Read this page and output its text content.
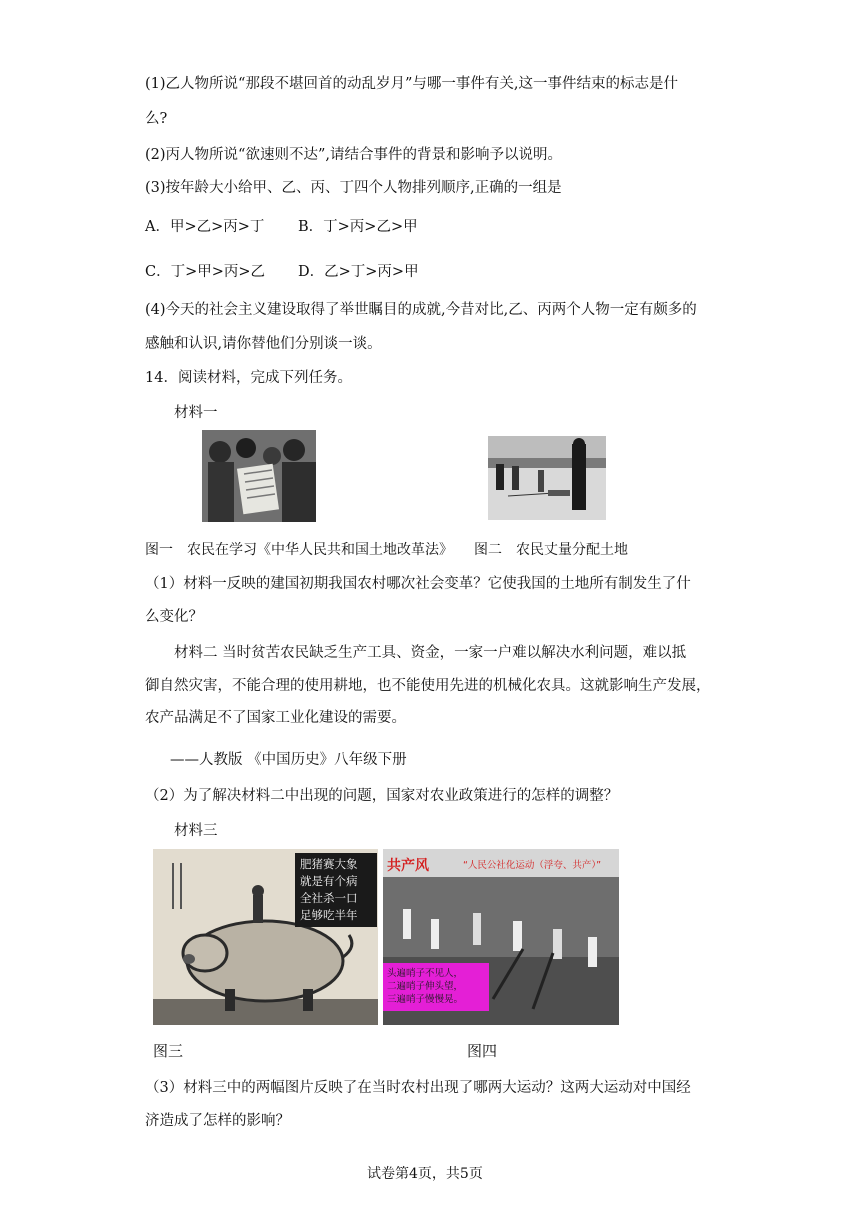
(1)乙人物所说“那段不堪回首的动乱岁月”与哪一事件有关,这一事件结束的标志是什
么?
(2)丙人物所说“欲速则不达”,请结合事件的背景和影响予以说明。
(3)按年龄大小给甲、乙、丙、丁四个人物排列顺序,正确的一组是
A．甲>乙>丙>丁 B．丁>丙>乙>甲
C．丁>甲>丙>乙 D．乙>丁>丙>甲
(4)今天的社会主义建设取得了举世瞩目的成就,今昔对比,乙、丙两个人物一定有颇多的
感触和认识,请你替他们分别谈一谈。
14．阅读材料，完成下列任务。
材料一
图一　农民在学习《中华人民共和国土地改革法》 图二　农民丈量分配土地
（1）材料一反映的建国初期我国农村哪次社会变革？它使我国的土地所有制发生了什
么变化？
材料二 当时贫苦农民缺乏生产工具、资金，一家一户难以解决水利问题，难以抵
御自然灾害，不能合理的使用耕地，也不能使用先进的机械化农具。这就影响生产发展，
农产品满足不了国家工业化建设的需要。
——人教版 《中国历史》八年级下册
（2）为了解决材料二中出现的问题，国家对农业政策进行的怎样的调整？
材料三
肥猪赛大象
就是有个病
全社杀一口
足够吃半年
共产风	“人民公社化运动（浮夸、共产）”
头遍哨子不见人，
二遍哨子伸头望，
三遍哨子慢慢晃。
图三	图四
（3）材料三中的两幅图片反映了在当时农村出现了哪两大运动？这两大运动对中国经
济造成了怎样的影响？
试卷第4页，共5页
